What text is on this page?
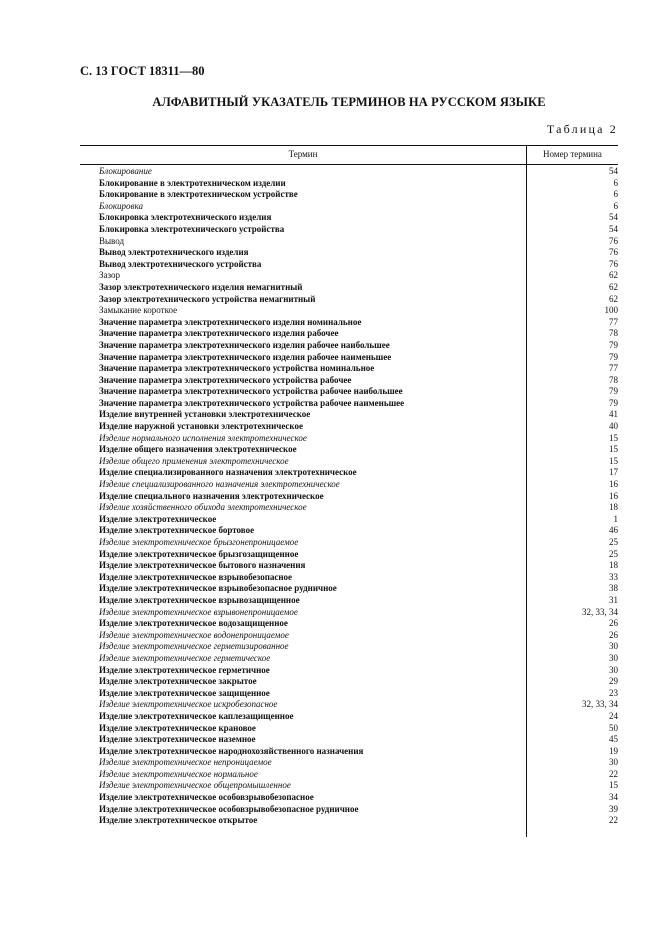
С. 13 ГОСТ 18311—80
АЛФАВИТНЫЙ УКАЗАТЕЛЬ ТЕРМИНОВ НА РУССКОМ ЯЗЫКЕ
Таблица 2
Термин	Номер термина
Блокирование	54
Блокирование в электротехническом изделии	6
Блокирование в электротехническом устройстве	6
Блокировка	6
Блокировка электротехнического изделия	54
Блокировка электротехнического устройства	54
Вывод	76
Вывод электротехнического изделия	76
Вывод электротехнического устройства	76
Зазор	62
Зазор электротехнического изделия немагнитный	62
Зазор электротехнического устройства немагнитный	62
Замыкание короткое	100
Значение параметра электротехнического изделия номинальное	77
Значение параметра электротехнического изделия рабочее	78
Значение параметра электротехнического изделия рабочее наибольшее	79
Значение параметра электротехнического изделия рабочее наименьшее	79
Значение параметра электротехнического устройства номинальное	77
Значение параметра электротехнического устройства рабочее	78
Значение параметра электротехнического устройства рабочее наибольшее	79
Значение параметра электротехнического устройства рабочее наименьшее	79
Изделие внутренней установки электротехническое	41
Изделие наружной установки электротехническое	40
Изделие нормального исполнения электротехническое	15
Изделие общего назначения электротехническое	15
Изделие общего применения электротехническое	15
Изделие специализированного назначения электротехническое	17
Изделие специализированного назначения электротехническое	16
Изделие специального назначения электротехническое	16
Изделие хозяйственного обихода электротехническое	18
Изделие электротехническое	1
Изделие электротехническое бортовое	46
Изделие электротехническое брызгонепроницаемое	25
Изделие электротехническое брызгозащищенное	25
Изделие электротехническое бытового назначения	18
Изделие электротехническое взрывобезопасное	33
Изделие электротехническое взрывобезопасное рудничное	38
Изделие электротехническое взрывозащищенное	31
Изделие электротехническое взрывонепроницаемое	32, 33, 34
Изделие электротехническое водозащищенное	26
Изделие электротехническое водонепроницаемое	26
Изделие электротехническое герметизированное	30
Изделие электротехническое герметическое	30
Изделие электротехническое герметичное	30
Изделие электротехническое закрытое	29
Изделие электротехническое защищенное	23
Изделие электротехническое искробезопасное	32, 33, 34
Изделие электротехническое каплезащищенное	24
Изделие электротехническое крановое	50
Изделие электротехническое наземное	45
Изделие электротехническое народнохозяйственного назначения	19
Изделие электротехническое непроницаемое	30
Изделие электротехническое нормальное	22
Изделие электротехническое общепромышленное	15
Изделие электротехническое особовзрывобезопасное	34
Изделие электротехническое особовзрывобезопасное рудничное	39
Изделие электротехническое открытое	22
